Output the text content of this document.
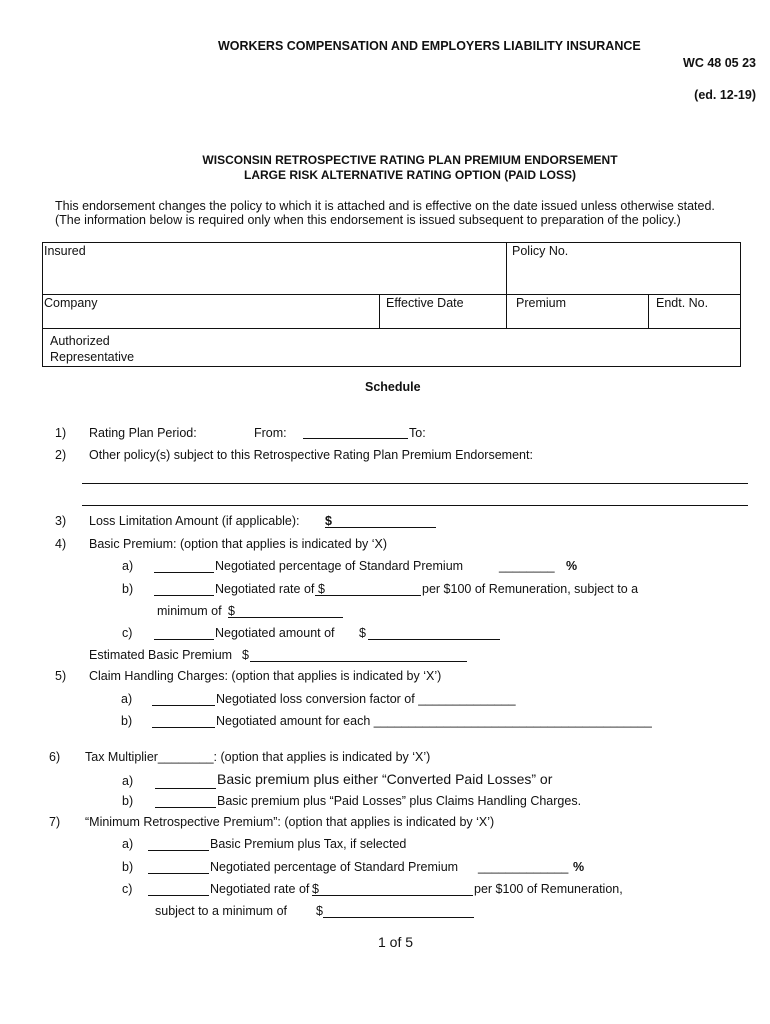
WORKERS COMPENSATION AND EMPLOYERS LIABILITY INSURANCE
WC 48 05 23
(ed. 12-19)
WISCONSIN RETROSPECTIVE RATING PLAN PREMIUM ENDORSEMENT
LARGE RISK ALTERNATIVE RATING OPTION (PAID LOSS)
This endorsement changes the policy to which it is attached and is effective on the date issued unless otherwise stated.
(The information below is required only when this endorsement is issued subsequent to preparation of the policy.)
Insured	Policy No.
Company	Effective Date	Premium	Endt. No.
Authorized
Representative
Schedule
1) Rating Plan Period:	From:	To:
2) Other policy(s) subject to this Retrospective Rating Plan Premium Endorsement:
3) Loss Limitation Amount (if applicable): $
4) Basic Premium: (option that applies is indicated by ‘X)
a)	Negotiated percentage of Standard Premium	________ %
b)	Negotiated rate of $	per $100 of Remuneration, subject to a
minimum of $
c)	Negotiated amount of $
Estimated Basic Premium $
5) Claim Handling Charges: (option that applies is indicated by ‘X’)
a)	Negotiated loss conversion factor of ______________
b)	Negotiated amount for each ________________________________________
6) Tax Multiplier________: (option that applies is indicated by ‘X’)
a)	Basic premium plus either “Converted Paid Losses” or
b)	Basic premium plus “Paid Losses” plus Claims Handling Charges.
7) “Minimum Retrospective Premium”: (option that applies is indicated by ‘X’)
a)	Basic Premium plus Tax, if selected
b)	Negotiated percentage of Standard Premium _____________ %
c)	Negotiated rate of $	per $100 of Remuneration,
subject to a minimum of $
1 of 5
